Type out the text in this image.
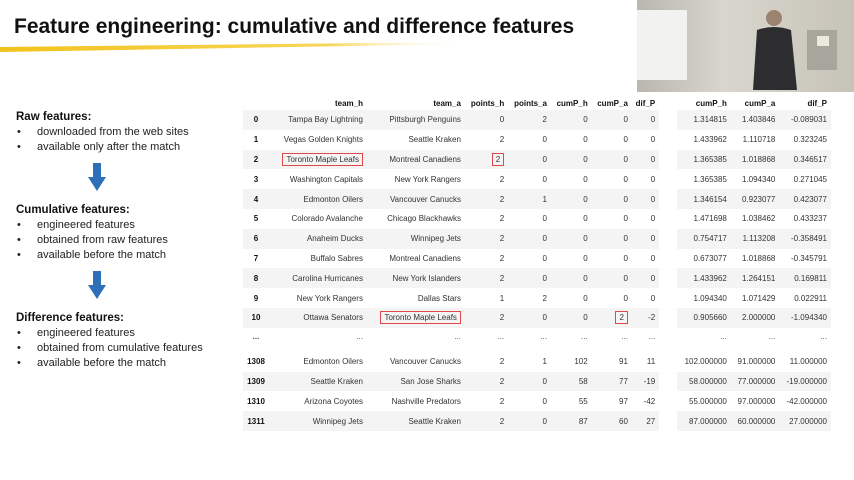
Feature engineering: cumulative and difference features
Raw features:
• downloaded from the web sites
• available only after the match
Cumulative features:
• engineered features
• obtained from raw features
• available before the match
Difference features:
• engineered features
• obtained from cumulative features
• available before the match
	team_h	team_a	points_h	points_a	cumP_h	cumP_a	dif_P		cumP_h	cumP_a	dif_P
0	Tampa Bay Lightning	Pittsburgh Penguins	0	2	0	0	0		1.314815	1.403846	-0.089031
1	Vegas Golden Knights	Seattle Kraken	2	0	0	0	0		1.433962	1.110718	0.323245
2	Toronto Maple Leafs	Montreal Canadiens	2	0	0	0	0		1.365385	1.018868	0.346517
3	Washington Capitals	New York Rangers	2	0	0	0	0		1.365385	1.094340	0.271045
4	Edmonton Oilers	Vancouver Canucks	2	1	0	0	0		1.346154	0.923077	0.423077
5	Colorado Avalanche	Chicago Blackhawks	2	0	0	0	0		1.471698	1.038462	0.433237
6	Anaheim Ducks	Winnipeg Jets	2	0	0	0	0		0.754717	1.113208	-0.358491
7	Buffalo Sabres	Montreal Canadiens	2	0	0	0	0		0.673077	1.018868	-0.345791
8	Carolina Hurricanes	New York Islanders	2	0	0	0	0		1.433962	1.264151	0.169811
9	New York Rangers	Dallas Stars	1	2	0	0	0		1.094340	1.071429	0.022911
10	Ottawa Senators	Toronto Maple Leafs	2	0	0	2	-2		0.905660	2.000000	-1.094340
...	...	...	...	...	...	...	...		...	...	...

1308	Edmonton Oilers	Vancouver Canucks	2	1	102	91	11		102.000000	91.000000	11.000000
1309	Seattle Kraken	San Jose Sharks	2	0	58	77	-19		58.000000	77.000000	-19.000000
1310	Arizona Coyotes	Nashville Predators	2	0	55	97	-42		55.000000	97.000000	-42.000000
1311	Winnipeg Jets	Seattle Kraken	2	0	87	60	27		87.000000	60.000000	27.000000
